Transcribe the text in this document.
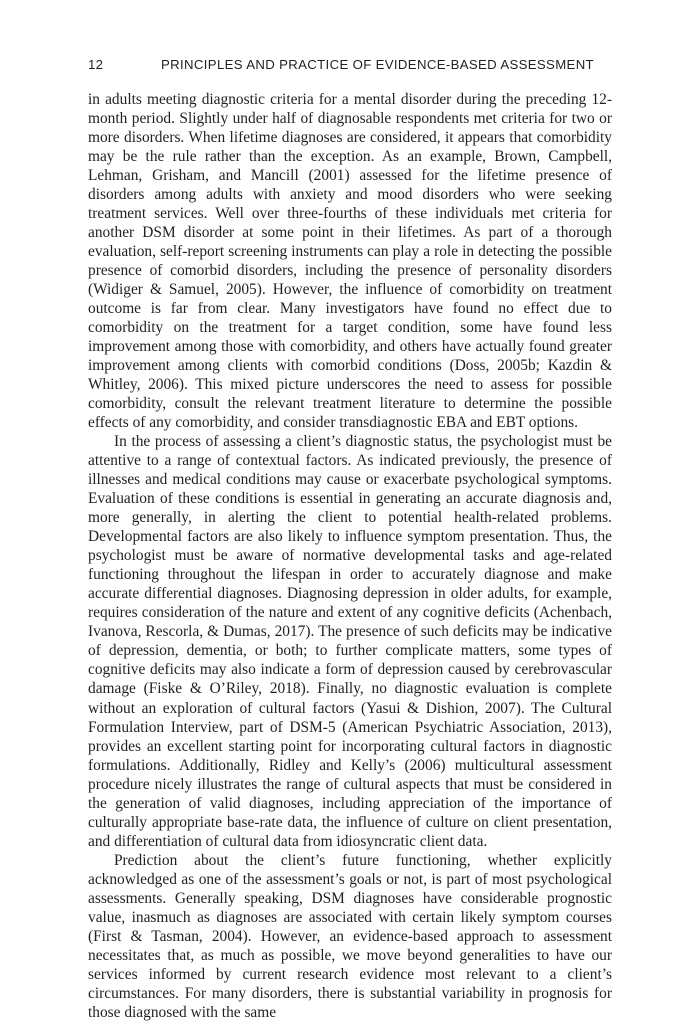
12	PRINCIPLES AND PRACTICE OF EVIDENCE-BASED ASSESSMENT

in adults meeting diagnostic criteria for a mental disorder during the preceding 12-month period. Slightly under half of diagnosable respondents met criteria for two or more disorders. When lifetime diagnoses are considered, it appears that comorbidity may be the rule rather than the exception. As an example, Brown, Campbell, Lehman, Grisham, and Mancill (2001) assessed for the lifetime presence of disorders among adults with anxiety and mood disorders who were seeking treatment services. Well over three-fourths of these individuals met criteria for another DSM disorder at some point in their lifetimes. As part of a thorough evaluation, self-report screening instruments can play a role in detecting the possible presence of comorbid disorders, including the presence of personality disorders (Widiger & Samuel, 2005). However, the influence of comorbidity on treatment outcome is far from clear. Many investigators have found no effect due to comorbidity on the treatment for a target condition, some have found less improvement among those with comorbidity, and others have actually found greater improvement among clients with comorbid conditions (Doss, 2005b; Kazdin & Whitley, 2006). This mixed picture underscores the need to assess for possible comorbidity, consult the relevant treatment literature to determine the possible effects of any comorbidity, and consider transdiagnostic EBA and EBT options.

In the process of assessing a client’s diagnostic status, the psychologist must be attentive to a range of contextual factors. As indicated previously, the presence of illnesses and medical conditions may cause or exacerbate psychological symptoms. Evaluation of these conditions is essential in generating an accurate diagnosis and, more generally, in alerting the client to potential health-related problems. Developmental factors are also likely to influence symptom presentation. Thus, the psychologist must be aware of normative developmental tasks and age-related functioning throughout the lifespan in order to accurately diagnose and make accurate differential diagnoses. Diagnosing depression in older adults, for example, requires consideration of the nature and extent of any cognitive deficits (Achenbach, Ivanova, Rescorla, & Dumas, 2017). The presence of such deficits may be indicative of depression, dementia, or both; to further complicate matters, some types of cognitive deficits may also indicate a form of depression caused by cerebrovascular damage (Fiske & O’Riley, 2018). Finally, no diagnostic evaluation is complete without an exploration of cultural factors (Yasui & Dishion, 2007). The Cultural Formulation Interview, part of DSM-5 (American Psychiatric Association, 2013), provides an excellent starting point for incorporating cultural factors in diagnostic formulations. Additionally, Ridley and Kelly’s (2006) multicultural assessment procedure nicely illustrates the range of cultural aspects that must be considered in the generation of valid diagnoses, including appreciation of the importance of culturally appropriate base-rate data, the influence of culture on client presentation, and differentiation of cultural data from idiosyncratic client data.

Prediction about the client’s future functioning, whether explicitly acknowledged as one of the assessment’s goals or not, is part of most psychological assessments. Generally speaking, DSM diagnoses have considerable prognostic value, inasmuch as diagnoses are associated with certain likely symptom courses (First & Tasman, 2004). However, an evidence-based approach to assessment necessitates that, as much as possible, we move beyond generalities to have our services informed by current research evidence most relevant to a client’s circumstances. For many disorders, there is substantial variability in prognosis for those diagnosed with the same
